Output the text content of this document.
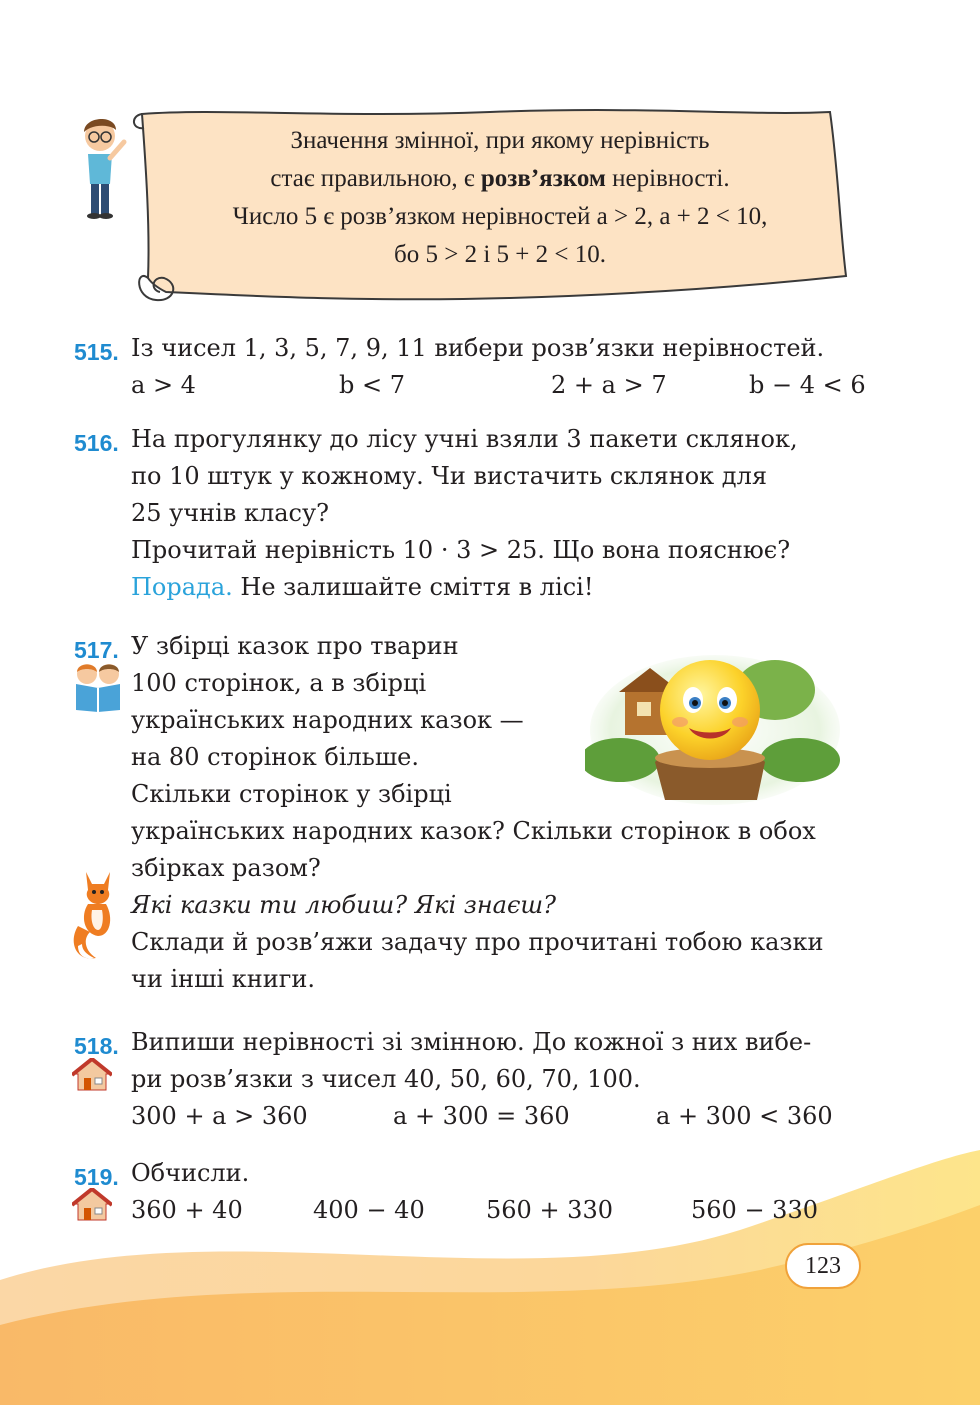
Значення змінної, при якому нерівність
стає правильною, є розв’язком нерівності.
Число 5 є розв’язком нерівностей a > 2, a + 2 < 10,
бо 5 > 2 і 5 + 2 < 10.
515. Із чисел 1, 3, 5, 7, 9, 11 вибери розв’язки нерівностей.
a > 4	b < 7	2 + a > 7	b − 4 < 6
516. На прогулянку до лісу учні взяли 3 пакети склянок,
по 10 штук у кожному. Чи вистачить склянок для
25 учнів класу?
Прочитай нерівність 10 · 3 > 25. Що вона пояснює?
Порада. Не залишайте сміття в лісі!
517. У збірці казок про тварин
100 сторінок, а в збірці
українських народних казок —
на 80 сторінок більше.
Скільки сторінок у збірці
українських народних казок? Скільки сторінок в обох
збірках разом?
Які казки ти любиш? Які знаєш?
Склади й розв’яжи задачу про прочитані тобою казки
чи інші книги.
518. Випиши нерівності зі змінною. До кожної з них вибе-
ри розв’язки з чисел 40, 50, 60, 70, 100.
300 + a > 360	a + 300 = 360	a + 300 < 360
519. Обчисли.
360 + 40	400 − 40	560 + 330	560 − 330
123
